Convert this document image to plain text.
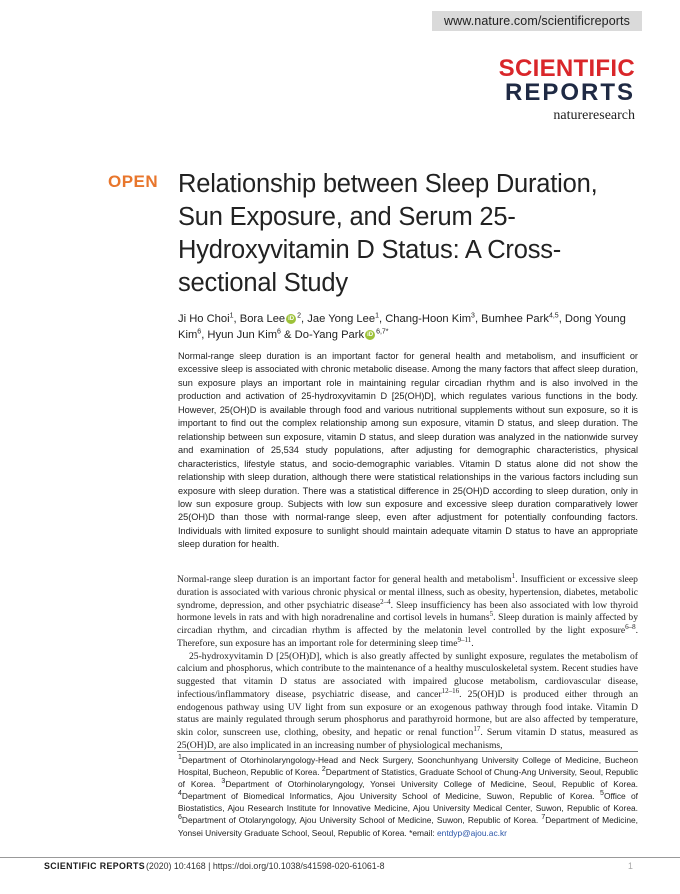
www.nature.com/scientificreports
SCIENTIFIC
REPORTS
natureresearch
OPEN Relationship between Sleep Duration, Sun Exposure, and Serum 25-Hydroxyvitamin D Status: A Cross-sectional Study
Ji Ho Choi$^1$, Bora Lee iD $^2$, Jae Yong Lee$^1$, Chang-Hoon Kim$^3$, Bumhee Park$^{4,5}$, Dong Young Kim$^6$, Hyun Jun Kim$^6$ & Do-Yang Park iD $^{6,7*}$
Normal-range sleep duration is an important factor for general health and metabolism, and insufficient or excessive sleep is associated with chronic metabolic disease. Among the many factors that affect sleep duration, sun exposure plays an important role in maintaining regular circadian rhythm and is also involved in the production and activation of 25-hydroxyvitamin D [25(OH)D], which regulates various functions in the body. However, 25(OH)D is available through food and various nutritional supplements without sun exposure, so it is important to find out the complex relationship among sun exposure, vitamin D status, and sleep duration. The relationship between sun exposure, vitamin D status, and sleep duration was analyzed in the nationwide survey and examination of 25,534 study populations, after adjusting for demographic characteristics, physical characteristics, lifestyle status, and socio-demographic variables. Vitamin D status alone did not show the relationship with sleep duration, although there were statistical relationships in the various factors including sun exposure with sleep duration. There was a statistical difference in 25(OH)D according to sleep duration, only in low sun exposure group. Subjects with low sun exposure and excessive sleep duration comparatively lower 25(OH)D than those with normal-range sleep, even after adjustment for potentially confounding factors. Individuals with limited exposure to sunlight should maintain adequate vitamin D status to have an appropriate sleep duration for health.

Normal-range sleep duration is an important factor for general health and metabolism$^1$. Insufficient or excessive sleep duration is associated with various chronic physical or mental illness, such as obesity, hypertension, diabetes, metabolic syndrome, depression, and other psychiatric disease$^{2-4}$. Sleep insufficiency has been also associated with low thyroid hormone levels in rats and with high noradrenaline and cortisol levels in humans$^5$. Sleep duration is mainly affected by circadian rhythm, and circadian rhythm is affected by the melatonin level controlled by the light exposure$^{6-8}$. Therefore, sun exposure has an important role for determining sleep time$^{9-11}$.

25-hydroxyvitamin D [25(OH)D], which is also greatly affected by sunlight exposure, regulates the metabolism of calcium and phosphorus, which contribute to the maintenance of a healthy musculoskeletal system. Recent studies have suggested that vitamin D status are associated with impaired glucose metabolism, cardiovascular disease, infectious/inflammatory disease, psychiatric disease, and cancer$^{12-16}$. 25(OH)D is produced either through an endogenous pathway using UV light from sun exposure or an exogenous pathway through food intake. Vitamin D status are mainly regulated through serum phosphorus and parathyroid hormone, but are also affected by temperature, skin color, sunscreen use, clothing, obesity, and hepatic or renal function$^{17}$. Serum vitamin D status, measured as 25(OH)D, are also implicated in an increasing number of physiological mechanisms,

$^1$Department of Otorhinolaryngology-Head and Neck Surgery, Soonchunhyang University College of Medicine, Bucheon Hospital, Bucheon, Republic of Korea. $^2$Department of Statistics, Graduate School of Chung-Ang University, Seoul, Republic of Korea. $^3$Department of Otorhinolaryngology, Yonsei University College of Medicine, Seoul, Republic of Korea. $^4$Department of Biomedical Informatics, Ajou University School of Medicine, Suwon, Republic of Korea. $^5$Office of Biostatistics, Ajou Research Institute for Innovative Medicine, Ajou University Medical Center, Suwon, Republic of Korea. $^6$Department of Otolaryngology, Ajou University School of Medicine, Suwon, Republic of Korea. $^7$Department of Medicine, Yonsei University Graduate School, Seoul, Republic of Korea. *email: entdyp@ajou.ac.kr
SCIENTIFIC REPORTS (2020) 10:4168 | https://doi.org/10.1038/s41598-020-61061-8	1
